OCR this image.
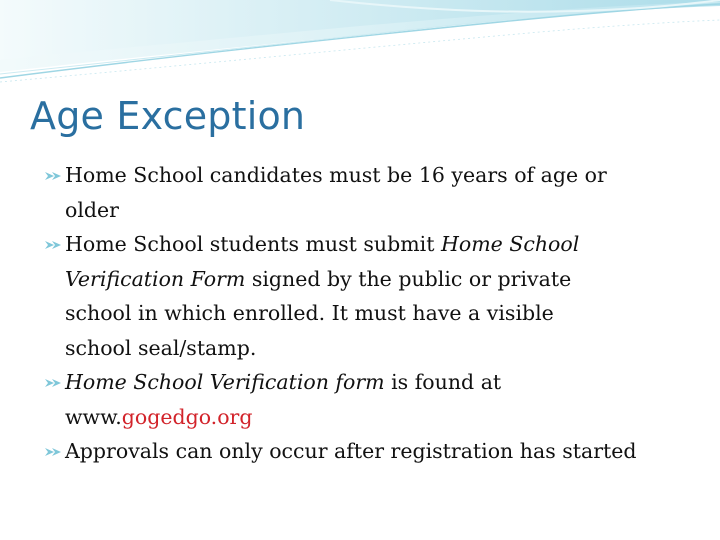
Age Exception
Home School candidates must be 16 years of age or
older
Home School students must submit Home School
Verification Form signed by the public or private
school in which enrolled. It must have a visible
school seal/stamp.
Home School Verification form is found at
www.gogedgo.org
Approvals can only occur after registration has started
